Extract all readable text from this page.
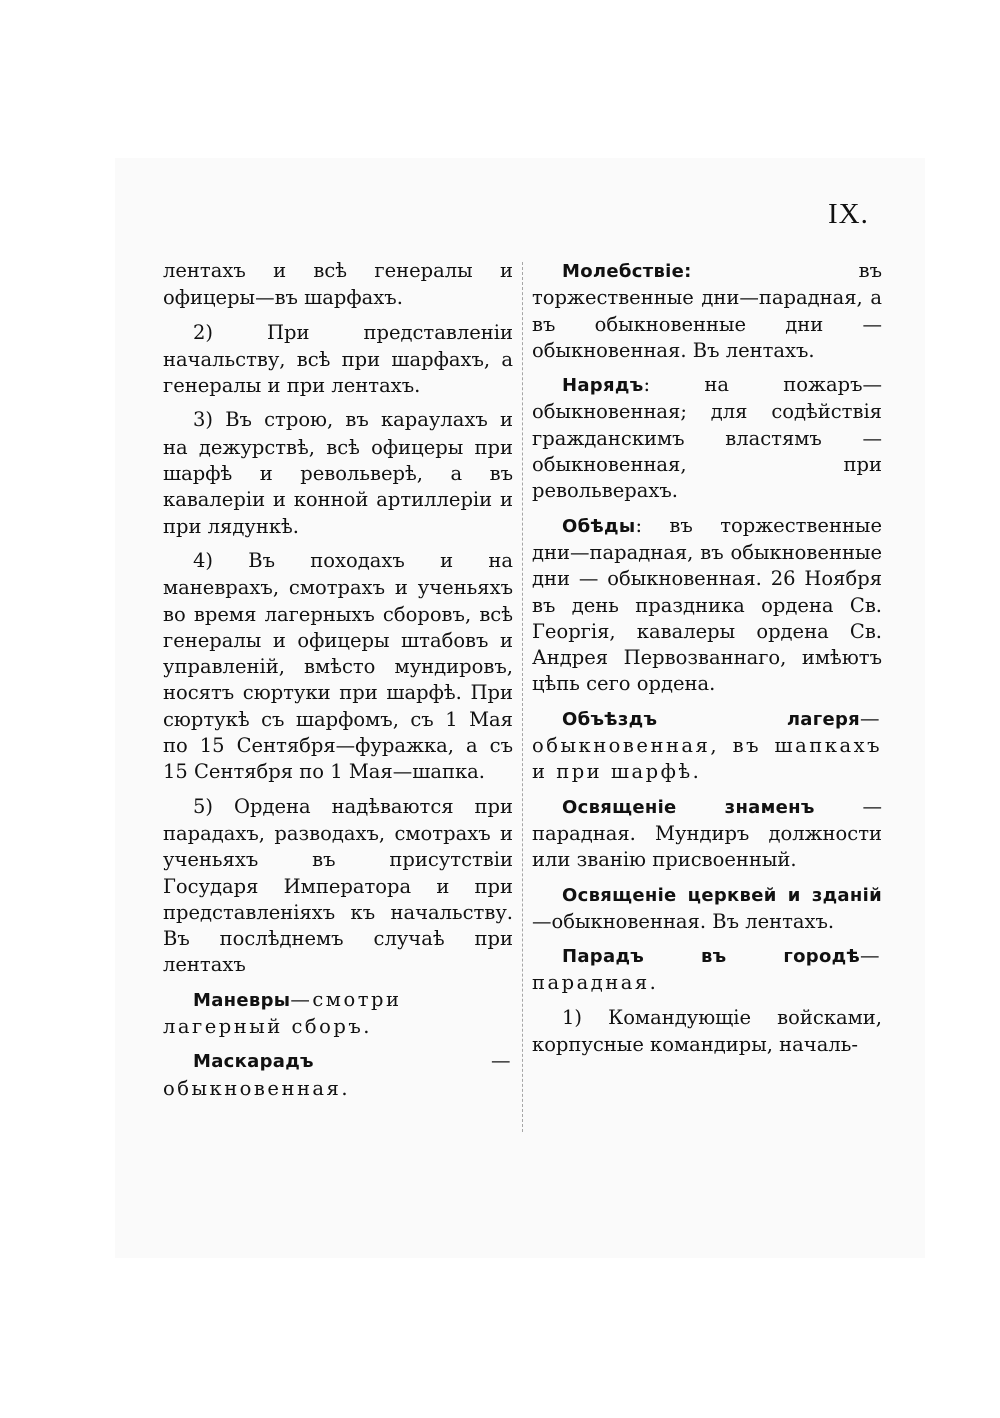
IX.

лентахъ и всѣ генералы и офицеры—въ шарфахъ.

2) При представленіи начальству, всѣ при шарфахъ, а генералы и при лентахъ.

3) Въ строю, въ караулахъ и на дежурствѣ, всѣ офицеры при шарфѣ и револьверѣ, а въ кавалеріи и конной артиллеріи и при лядункѣ.

4) Въ походахъ и на маневрахъ, смотрахъ и ученьяхъ во время лагерныхъ сборовъ, всѣ генералы и офицеры штабовъ и управленій, вмѣсто мундировъ, носятъ сюртуки при шарфѣ. При сюртукѣ съ шарфомъ, съ 1 Мая по 15 Сентября—фуражка, а съ 15 Сентября по 1 Мая—шапка.

5) Ордена надѣваются при парадахъ, разводахъ, смотрахъ и ученьяхъ въ присутствіи Государя Императора и при представленіяхъ къ начальству. Въ послѣднемъ случаѣ при лентахъ

Маневры—смотри лагерный сборъ.

Маскарадъ — обыкновенная.

Молебствіе: въ торжественные дни—парадная, а въ обыкновенные дни — обыкновенная. Въ лентахъ.

Нарядъ: на пожаръ—обыкновенная; для содѣйствія гражданскимъ властямъ — обыкновенная, при револьверахъ.

Обѣды: въ торжественные дни—парадная, въ обыкновенные дни — обыкновенная. 26 Ноября въ день праздника ордена Св. Георгія, кавалеры ордена Св. Андрея Первозваннаго, имѣютъ цѣпь сего ордена.

Объѣздъ лагеря—обыкновенная, въ шапкахъ и при шарфѣ.

Освященіе знаменъ — парадная. Мундиръ должности или званію присвоенный.

Освященіе церквей и зданій —обыкновенная. Въ лентахъ.

Парадъ въ городѣ—парадная.

1) Командующіе войсками, корпусные командиры, началь-
